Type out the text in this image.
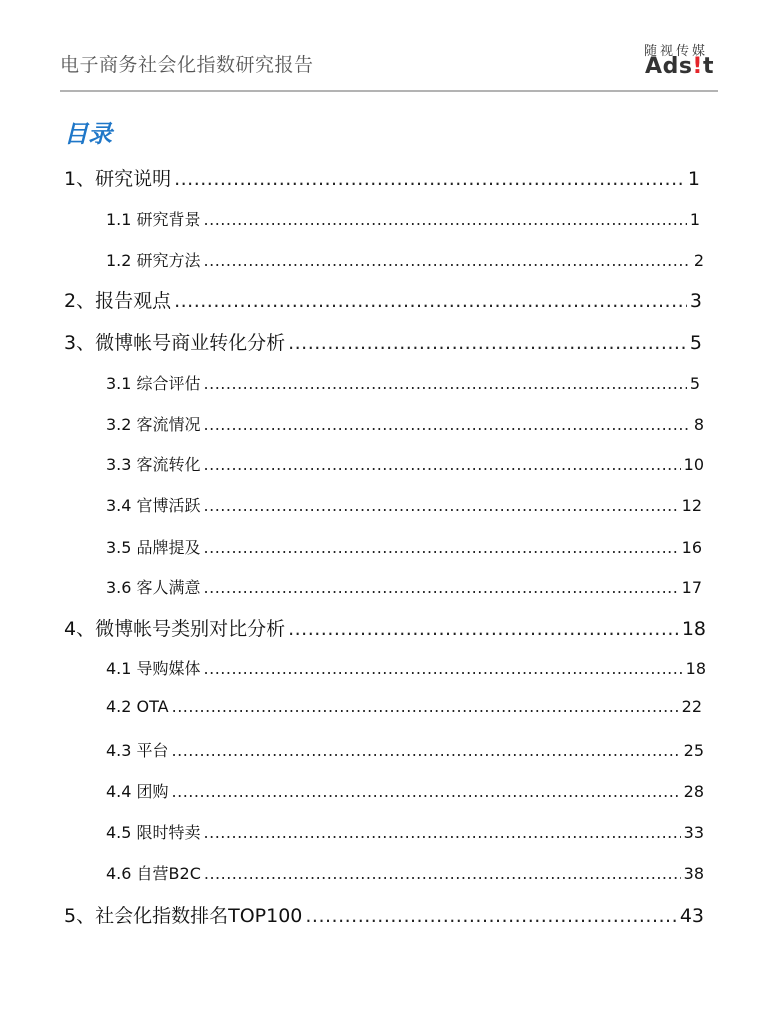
电子商务社会化指数研究报告
随视传媒
Ads!t
目录
1、研究说明 .....	1
1.1 研究背景 .....	1
1.2 研究方法 .....	2
2、报告观点 .....	3
3、微博帐号商业转化分析 .....	5
3.1 综合评估 .....	5
3.2 客流情况 .....	8
3.3 客流转化 .....	10
3.4 官博活跃 .....	12
3.5 品牌提及 .....	16
3.6 客人满意 .....	17
4、微博帐号类别对比分析 .....	18
4.1 导购媒体 .....	18
4.2 OTA .....	22
4.3 平台 .....	25
4.4 团购 .....	28
4.5 限时特卖 .....	33
4.6 自营B2C .....	38
5、社会化指数排名TOP100 .....	43
